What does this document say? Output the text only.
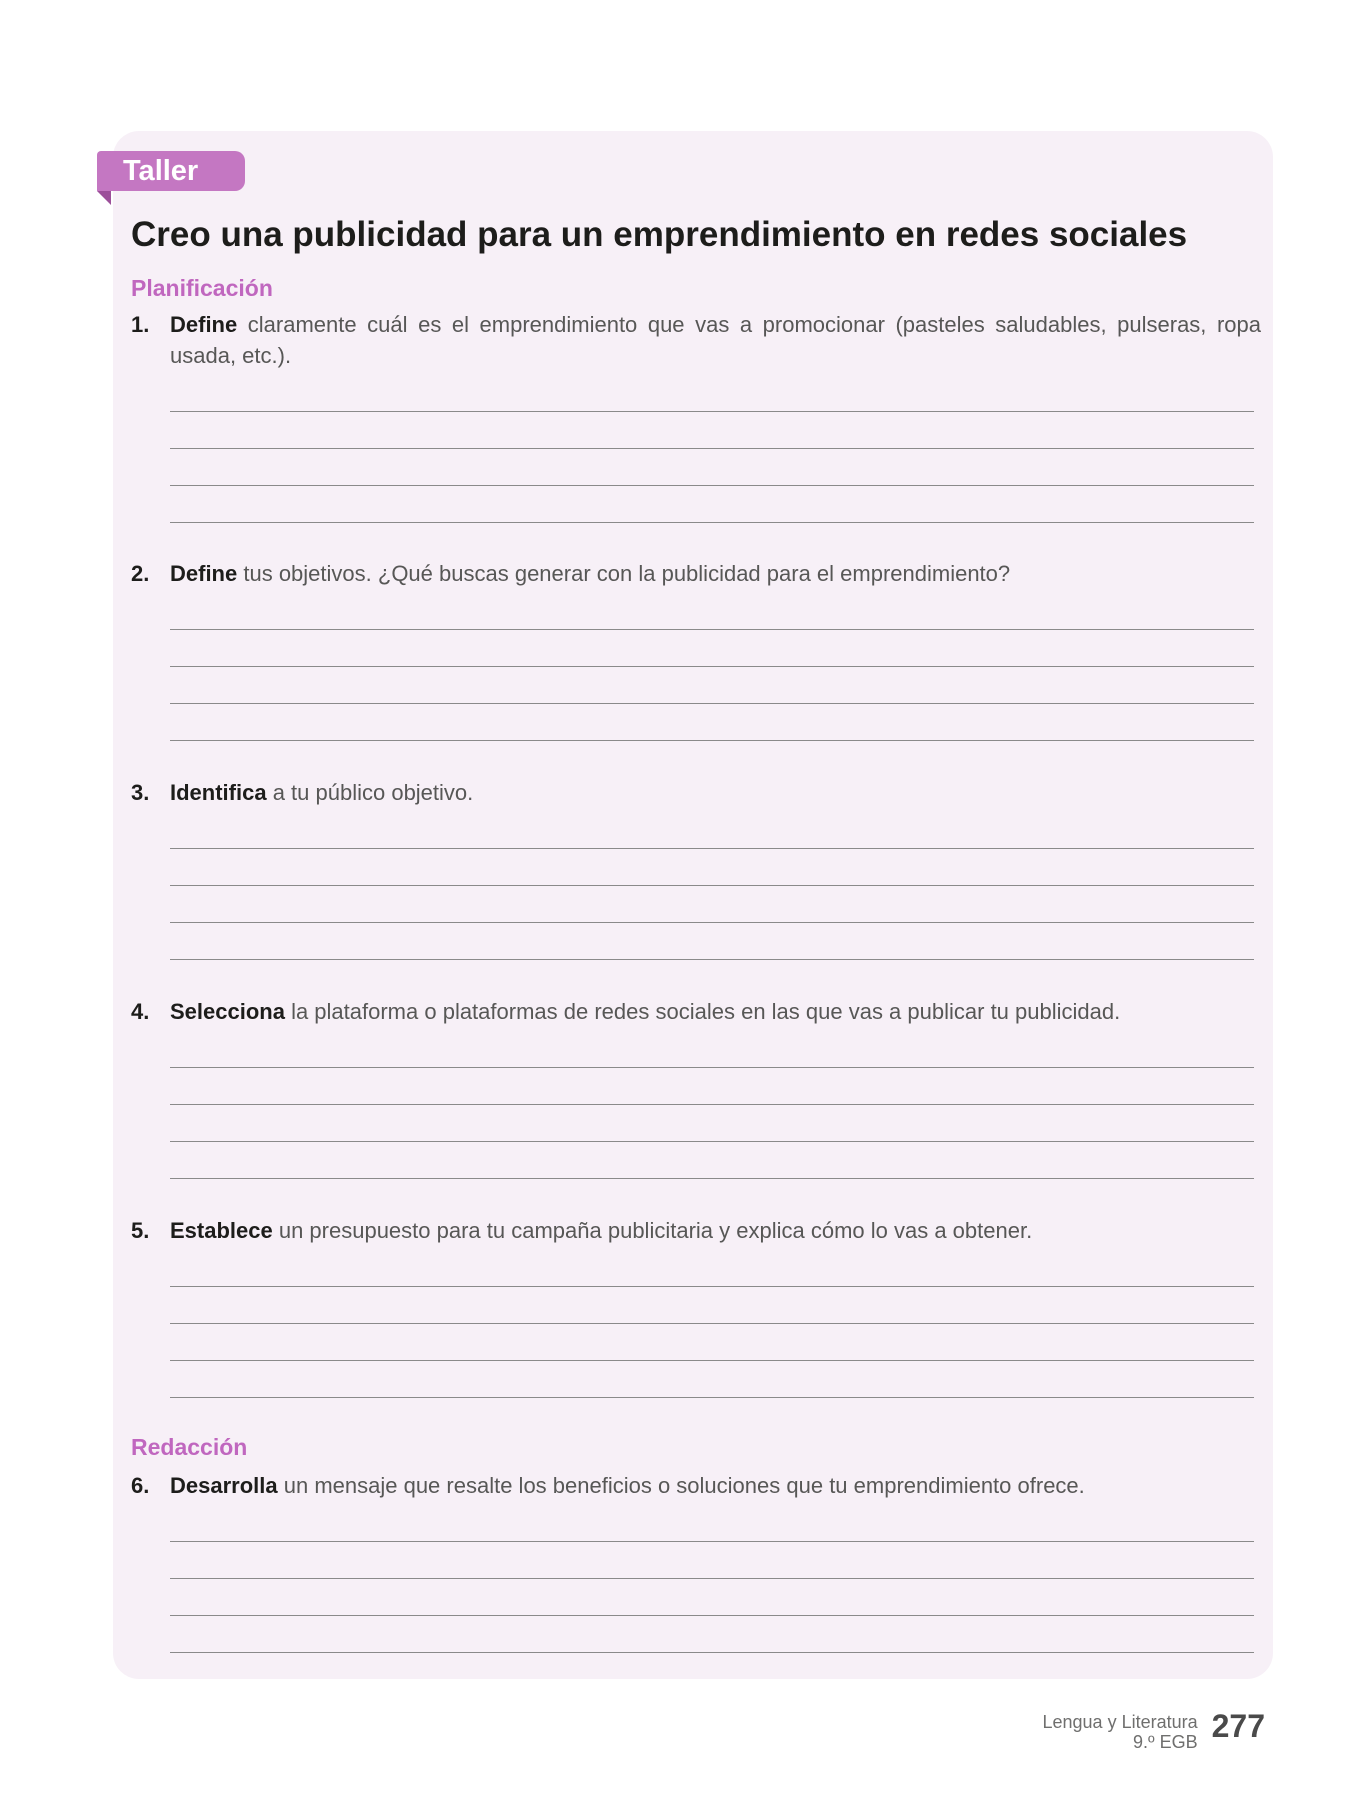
Taller
Creo una publicidad para un emprendimiento en redes sociales
Planificación
1. Define claramente cuál es el emprendimiento que vas a promocionar (pasteles saludables, pulseras, ropa usada, etc.).
2. Define tus objetivos. ¿Qué buscas generar con la publicidad para el emprendimiento?
3. Identifica a tu público objetivo.
4. Selecciona la plataforma o plataformas de redes sociales en las que vas a publicar tu publicidad.
5. Establece un presupuesto para tu campaña publicitaria y explica cómo lo vas a obtener.
Redacción
6. Desarrolla un mensaje que resalte los beneficios o soluciones que tu emprendimiento ofrece.
Lengua y Literatura
9.º EGB 277
